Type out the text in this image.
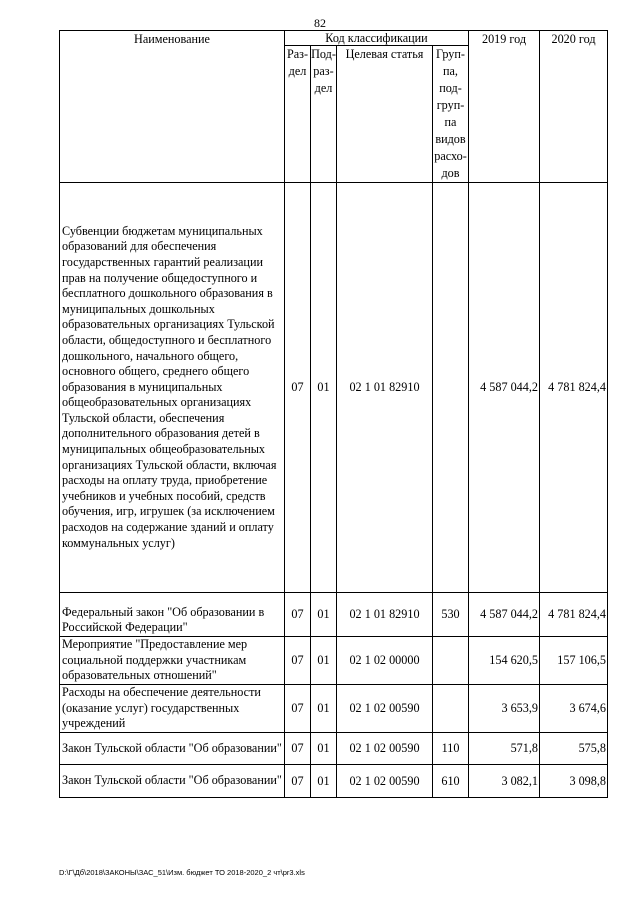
82
Наименование	Код классификации				2019 год	2020 год
	Раз-дел	Под-раз-дел	Целевая статья	Груп-па, под-груп-па видов расхо-дов		
Субвенции бюджетам муниципальных образований для обеспечения государственных гарантий реализации прав на получение общедоступного и бесплатного дошкольного образования в муниципальных дошкольных образовательных организациях Тульской области, общедоступного и бесплатного дошкольного, начального общего, основного общего, среднего общего образования в муниципальных общеобразовательных организациях Тульской области, обеспечения дополнительного образования детей в муниципальных общеобразовательных организациях Тульской области, включая расходы на оплату труда, приобретение учебников и учебных пособий, средств обучения, игр, игрушек (за исключением расходов на содержание зданий и оплату коммунальных услуг)	07	01	02 1 01 82910		4 587 044,2	4 781 824,4
Федеральный закон "Об образовании в Российской Федерации"	07	01	02 1 01 82910	530	4 587 044,2	4 781 824,4
Мероприятие "Предоставление мер социальной поддержки участникам образовательных отношений"	07	01	02 1 02 00000		154 620,5	157 106,5
Расходы на обеспечение деятельности (оказание услуг) государственных учреждений	07	01	02 1 02 00590		3 653,9	3 674,6
Закон Тульской области "Об образовании"	07	01	02 1 02 00590	110	571,8	575,8
Закон Тульской области "Об образовании"	07	01	02 1 02 00590	610	3 082,1	3 098,8
D:\Г\Дб\2018\ЗАКОНЫ\ЗАС_51\Изм. бюджет ТО 2018-2020_2 чт\pr3.xls
